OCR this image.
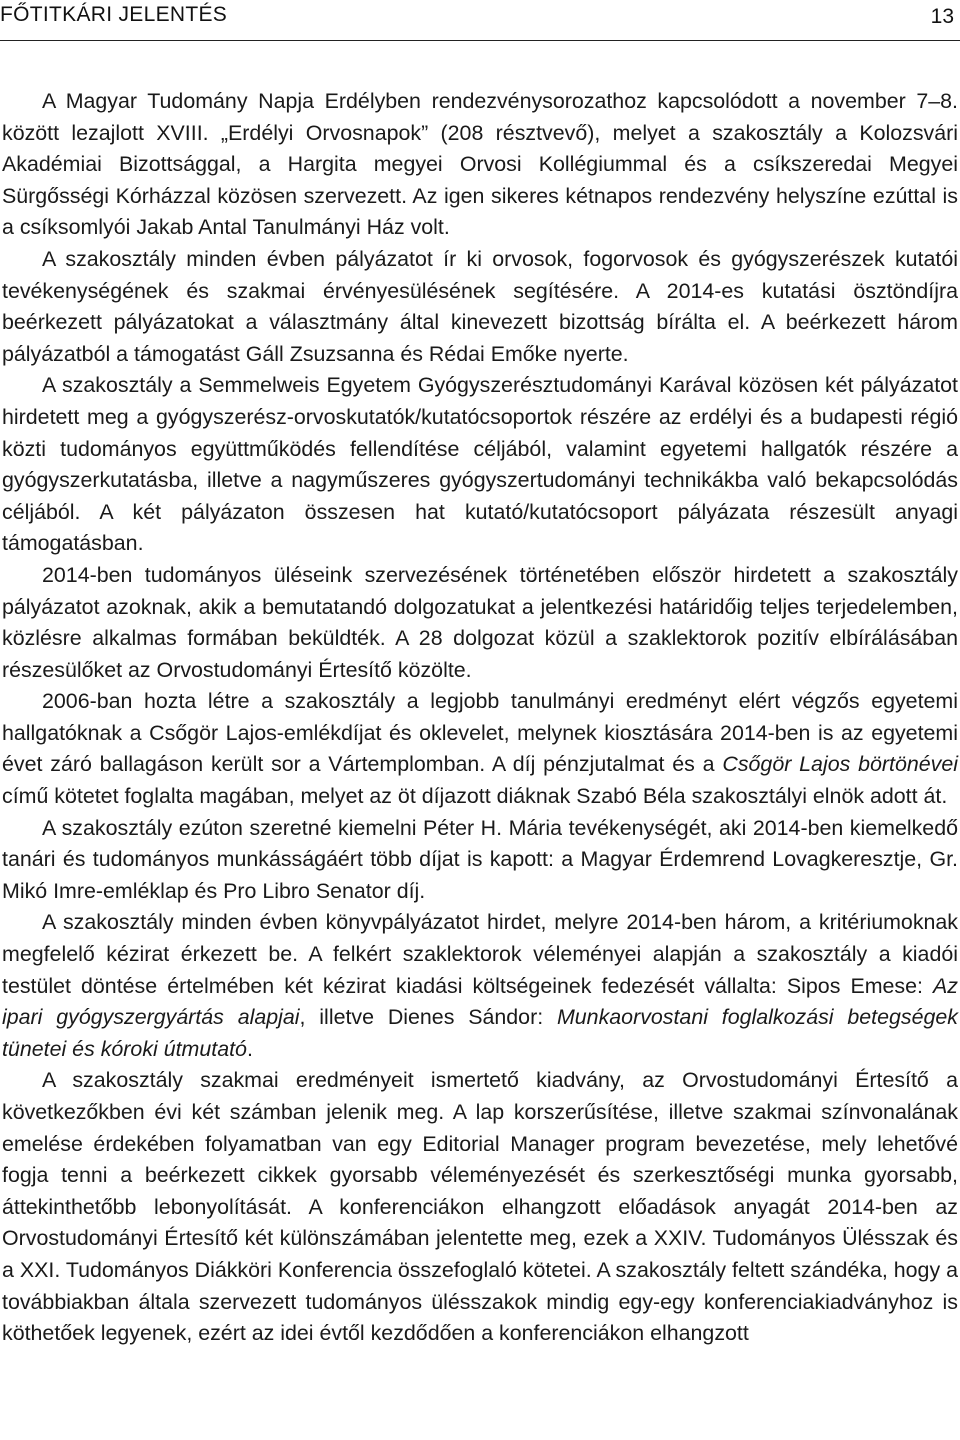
FŐTITKÁRI JELENTÉS	13

A Magyar Tudomány Napja Erdélyben rendezvénysorozathoz kapcsolódott a november 7–8. között lezajlott XVIII. „Erdélyi Orvosnapok” (208 résztvevő), melyet a szakosztály a Kolozsvári Akadémiai Bizottsággal, a Hargita megyei Orvosi Kollégiummal és a csíkszeredai Megyei Sürgősségi Kórházzal közösen szervezett. Az igen sikeres kétnapos rendezvény helyszíne ezúttal is a csíksomlyói Jakab Antal Tanulmányi Ház volt.

A szakosztály minden évben pályázatot ír ki orvosok, fogorvosok és gyógyszerészek kutatói tevékenységének és szakmai érvényesülésének segítésére. A 2014-es kutatási ösztöndíjra beérkezett pályázatokat a választmány által kinevezett bizottság bírálta el. A beérkezett három pályázatból a támogatást Gáll Zsuzsanna és Rédai Emőke nyerte.

A szakosztály a Semmelweis Egyetem Gyógyszerésztudományi Karával közösen két pályázatot hirdetett meg a gyógyszerész-orvoskutatók/kutatócsoportok részére az erdélyi és a budapesti régió közti tudományos együttműködés fellendítése céljából, valamint egyetemi hallgatók részére a gyógyszerkutatásba, illetve a nagyműszeres gyógyszertudományi technikákba való bekapcsolódás céljából. A két pályázaton összesen hat kutató/kutatócsoport pályázata részesült anyagi támogatásban.

2014-ben tudományos üléseink szervezésének történetében először hirdetett a szakosztály pályázatot azoknak, akik a bemutatandó dolgozatukat a jelentkezési határidőig teljes terjedelemben, közlésre alkalmas formában beküldték. A 28 dolgozat közül a szaklektorok pozitív elbírálásában részesülőket az Orvostudományi Értesítő közölte.

2006-ban hozta létre a szakosztály a legjobb tanulmányi eredményt elért végzős egyetemi hallgatóknak a Csőgör Lajos-emlékdíjat és oklevelet, melynek kiosztására 2014-ben is az egyetemi évet záró ballagáson került sor a Vártemplomban. A díj pénzjutalmat és a Csőgör Lajos börtönévei című kötetet foglalta magában, melyet az öt díjazott diáknak Szabó Béla szakosztályi elnök adott át.

A szakosztály ezúton szeretné kiemelni Péter H. Mária tevékenységét, aki 2014-ben kiemelkedő tanári és tudományos munkásságáért több díjat is kapott: a Magyar Érdemrend Lovagkeresztje, Gr. Mikó Imre-emléklap és Pro Libro Senator díj.

A szakosztály minden évben könyvpályázatot hirdet, melyre 2014-ben három, a kritériumoknak megfelelő kézirat érkezett be. A felkért szaklektorok véleményei alapján a szakosztály a kiadói testület döntése értelmében két kézirat kiadási költségeinek fedezését vállalta: Sipos Emese: Az ipari gyógyszergyártás alapjai, illetve Dienes Sándor: Munkaorvostani foglalkozási betegségek tünetei és kóroki útmutató.

A szakosztály szakmai eredményeit ismertető kiadvány, az Orvostudományi Értesítő a következőkben évi két számban jelenik meg. A lap korszerűsítése, illetve szakmai színvonalának emelése érdekében folyamatban van egy Editorial Manager program bevezetése, mely lehetővé fogja tenni a beérkezett cikkek gyorsabb véleményezését és szerkesztőségi munka gyorsabb, áttekinthetőbb lebonyolítását. A konferenciákon elhangzott előadások anyagát 2014-ben az Orvostudományi Értesítő két különszámában jelentette meg, ezek a XXIV. Tudományos Ülésszak és a XXI. Tudományos Diákköri Konferencia összefoglaló kötetei. A szakosztály feltett szándéka, hogy a továbbiakban általa szervezett tudományos ülésszakok mindig egy-egy konferenciakiadványhoz is köthetőek legyenek, ezért az idei évtől kezdődően a konferenciákon elhangzott
